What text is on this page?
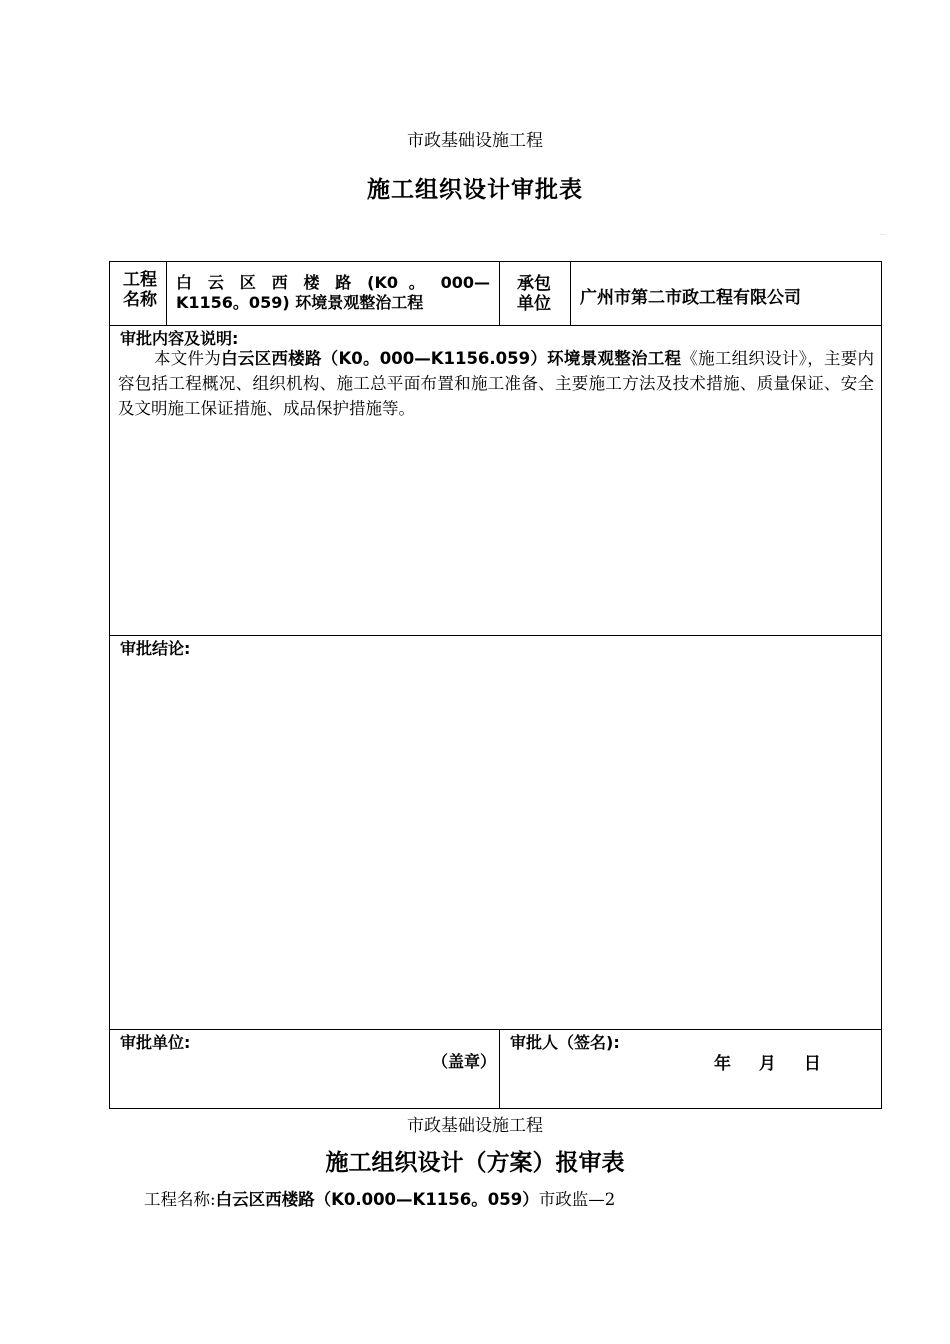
市政基础设施工程
施工组织设计审批表
····
工程名称
白 云 区 西 楼 路 (K0 。 000— K1156。059) 环境景观整治工程
承包单位 广州市第二市政工程有限公司
审批内容及说明:
本文件为白云区西楼路（K0。000—K1156.059）环境景观整治工程《施工组织设计》，主要内容包括工程概况、组织机构、施工总平面布置和施工准备、主要施工方法及技术措施、质量保证、安全及文明施工保证措施、成品保护措施等。
审批结论:
审批单位:
（盖章）
审批人（签名):
年 月 日
市政基础设施工程
施工组织设计（方案）报审表
工程名称:白云区西楼路（K0.000—K1156。059）市政监—2
